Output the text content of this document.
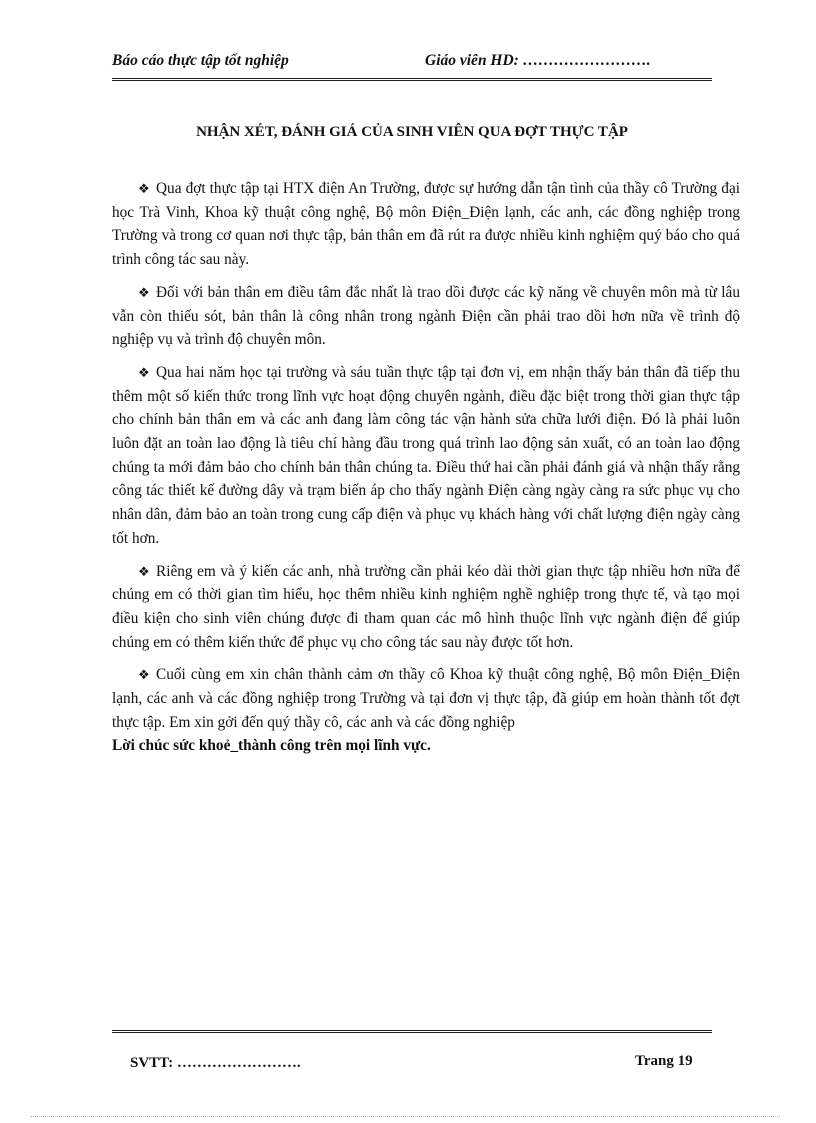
Báo cáo thực tập tốt nghiệp	Giáo viên HD: …………………….
NHẬN XÉT, ĐÁNH GIÁ CỦA SINH VIÊN QUA ĐỢT THỰC TẬP

❖ Qua đợt thực tập tại HTX điện An Trường, được sự hướng dẫn tận tình của thầy cô Trường đại học Trà Vinh, Khoa kỹ thuật công nghệ, Bộ môn Điện_Điện lạnh, các anh, các đồng nghiệp trong Trường và trong cơ quan nơi thực tập, bản thân em đã rút ra được nhiều kinh nghiệm quý báo cho quá trình công tác sau này.

❖ Đối với bản thân em điều tâm đắc nhất là trao dồi được các kỹ năng về chuyên môn mà từ lâu vẫn còn thiếu sót, bản thân là công nhân trong ngành Điện cần phải trao dồi hơn nữa về trình độ nghiệp vụ và trình độ chuyên môn.

❖ Qua hai năm học tại trường và sáu tuần thực tập tại đơn vị, em nhận thấy bản thân đã tiếp thu thêm một số kiến thức trong lĩnh vực hoạt động chuyên ngành, điều đặc biệt trong thời gian thực tập cho chính bản thân em và các anh đang làm công tác vận hành sửa chữa lưới điện. Đó là phải luôn luôn đặt an toàn lao động là tiêu chí hàng đầu trong quá trình lao động sản xuất, có an toàn lao động chúng ta mới đảm bảo cho chính bản thân chúng ta. Điều thứ hai cần phải đánh giá và nhận thấy rằng công tác thiết kế đường dây và trạm biến áp cho thấy ngành Điện càng ngày càng ra sức phục vụ cho nhân dân, đảm bảo an toàn trong cung cấp điện và phục vụ khách hàng với chất lượng điện ngày càng tốt hơn.

❖ Riêng em và ý kiến các anh, nhà trường cần phải kéo dài thời gian thực tập nhiều hơn nữa để chúng em có thời gian tìm hiểu, học thêm nhiều kinh nghiệm nghề nghiệp trong thực tế, và tạo mọi điều kiện cho sinh viên chúng được đi tham quan các mô hình thuộc lĩnh vực ngành điện để giúp chúng em có thêm kiến thức để phục vụ cho công tác sau này được tốt hơn.

❖ Cuối cùng em xin chân thành cảm ơn thầy cô Khoa kỹ thuật công nghệ, Bộ môn Điện_Điện lạnh, các anh và các đồng nghiệp trong Trường và tại đơn vị thực tập, đã giúp em hoàn thành tốt đợt thực tập. Em xin gởi đến quý thầy cô, các anh và các đồng nghiệp
Lời chúc sức khoẻ_thành công trên mọi lĩnh vực.

SVTT: …………………….	Trang 19
